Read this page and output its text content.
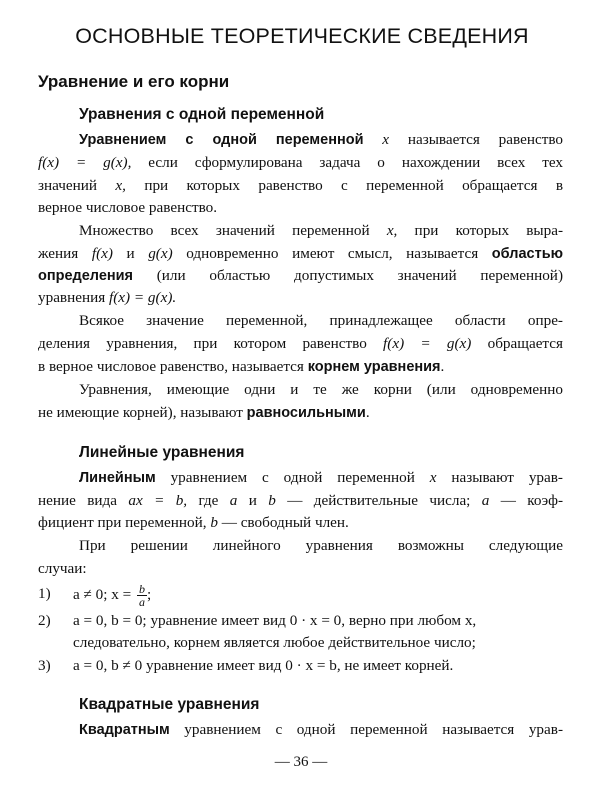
ОСНОВНЫЕ ТЕОРЕТИЧЕСКИЕ СВЕДЕНИЯ
Уравнение и его корни
Уравнения с одной переменной
Уравнением с одной переменной x называется равенство
f(x) = g(x), если сформулирована задача о нахождении всех тех
значений x, при которых равенство с переменной обращается в
верное числовое равенство.
Множество всех значений переменной x, при которых выра-
жения f(x) и g(x) одновременно имеют смысл, называется областью
определения (или областью допустимых значений переменной)
уравнения f(x) = g(x).
Всякое значение переменной, принадлежащее области опре-
деления уравнения, при котором равенство f(x) = g(x) обращается
в верное числовое равенство, называется корнем уравнения.
Уравнения, имеющие одни и те же корни (или одновременно
не имеющие корней), называют равносильными.
Линейные уравнения
Линейным уравнением с одной переменной x называют урав-
нение вида ax = b, где a и b — действительные числа; a — коэф-
фициент при переменной, b — свободный член.
При решении линейного уравнения возможны следующие
случаи:
1) a ≠ 0; $x = \frac{b}{a}$ ;
2) a = 0, b = 0; уравнение имеет вид 0 · x = 0, верно при любом x,
следовательно, корнем является любое действительное число;
3) a = 0, b ≠ 0 уравнение имеет вид 0 · x = b, не имеет корней.
Квадратные уравнения
Квадратным уравнением с одной переменной называется урав-
— 36 —
